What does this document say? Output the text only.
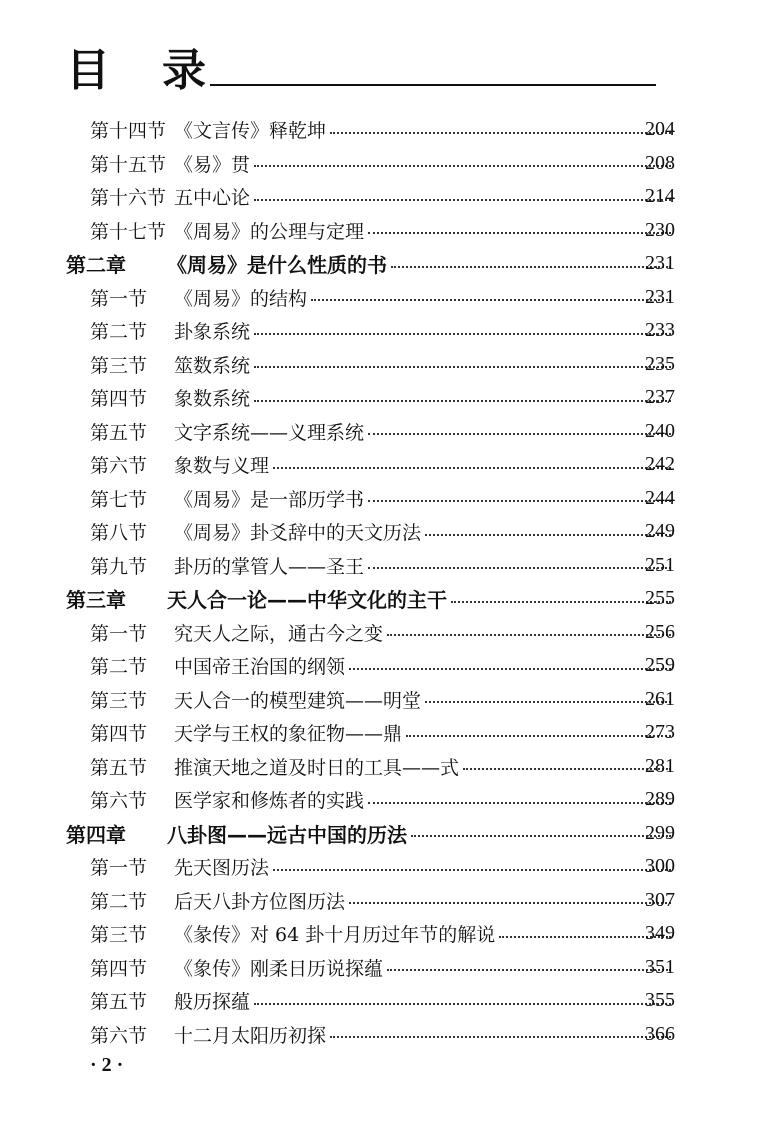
目 录
第十四节 《文言传》释乾坤	204
第十五节 《易》贯	208
第十六节 五中心论	214
第十七节 《周易》的公理与定理	230
第二章	《周易》是什么性质的书	231
第一节	《周易》的结构	231
第二节	卦象系统	233
第三节	筮数系统	235
第四节	象数系统	237
第五节	文字系统——义理系统	240
第六节	象数与义理	242
第七节	《周易》是一部历学书	244
第八节	《周易》卦爻辞中的天文历法	249
第九节	卦历的掌管人——圣王	251
第三章	天人合一论——中华文化的主干	255
第一节	究天人之际，通古今之变	256
第二节	中国帝王治国的纲领	259
第三节	天人合一的模型建筑——明堂	261
第四节	天学与王权的象征物——鼎	273
第五节	推演天地之道及时日的工具——式	281
第六节	医学家和修炼者的实践	289
第四章	八卦图——远古中国的历法	299
第一节	先天图历法	300
第二节	后天八卦方位图历法	307
第三节	《彖传》对 64 卦十月历过年节的解说	349
第四节	《象传》刚柔日历说探蕴	351
第五节	般历探蕴	355
第六节	十二月太阳历初探	366
· 2 ·
